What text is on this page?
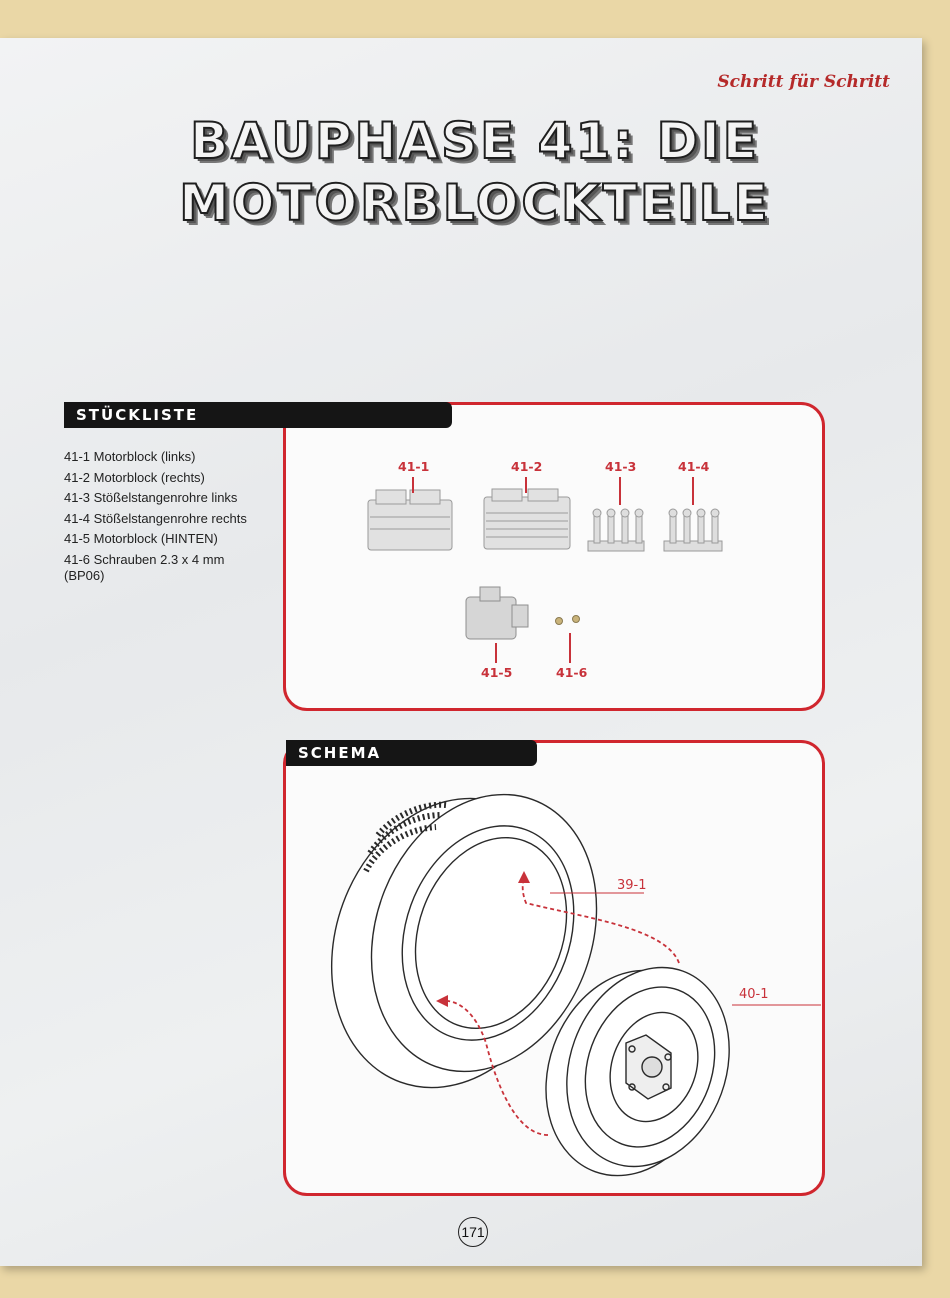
Schritt für Schritt
BAUPHASE 41: DIE
MOTORBLOCKTEILE
41-1	41-2	41-3	41-4
41-5	41-6
STÜCKLISTE
41-1 Motorblock (links)
41-2 Motorblock (rechts)
41-3 Stößelstangenrohre links
41-4 Stößelstangenrohre rechts
41-5 Motorblock (HINTEN)
41-6 Schrauben 2.3 x 4 mm (BP06)
39-1
40-1
SCHEMA
171
